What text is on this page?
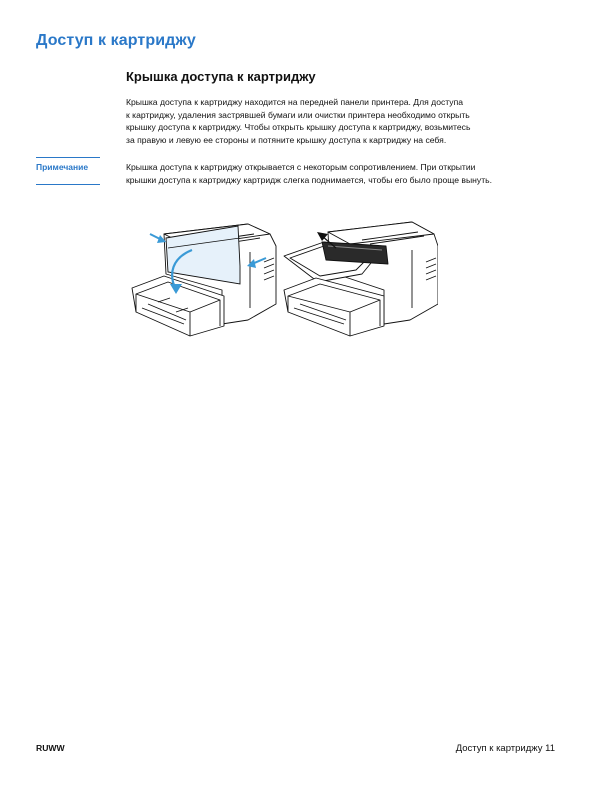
Доступ к картриджу
Крышка доступа к картриджу
Крышка доступа к картриджу находится на передней панели принтера. Для доступа
к картриджу, удаления застрявшей бумаги или очистки принтера необходимо открыть
крышку доступа к картриджу. Чтобы открыть крышку доступа к картриджу, возьмитесь
за правую и левую ее стороны и потяните крышку доступа к картриджу на себя.
Примечание	Крышка доступа к картриджу открывается с некоторым сопротивлением. При открытии
крышки доступа к картриджу картридж слегка поднимается, чтобы его было проще вынуть.
RUWW	Доступ к картриджу 11
